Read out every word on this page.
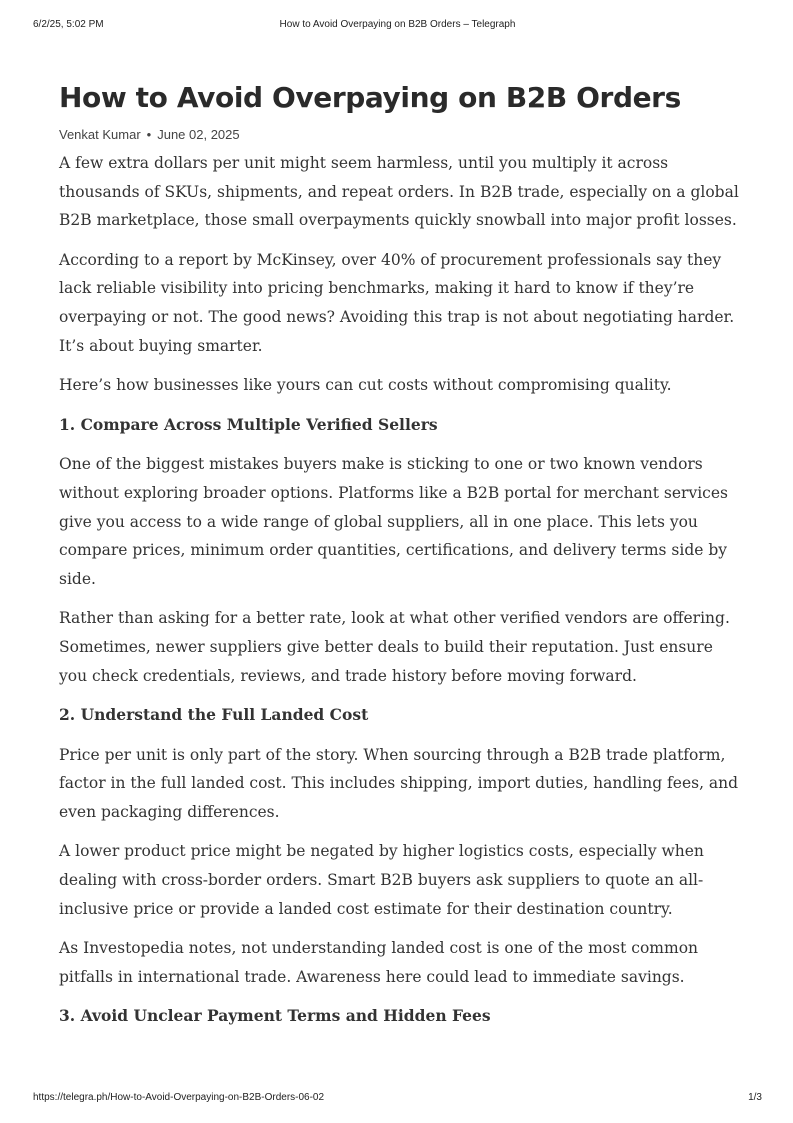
6/2/25, 5:02 PM	How to Avoid Overpaying on B2B Orders – Telegraph
How to Avoid Overpaying on B2B Orders
Venkat Kumar • June 02, 2025

A few extra dollars per unit might seem harmless, until you multiply it across thousands of SKUs, shipments, and repeat orders. In B2B trade, especially on a global B2B marketplace, those small overpayments quickly snowball into major profit losses.

According to a report by McKinsey, over 40% of procurement professionals say they lack reliable visibility into pricing benchmarks, making it hard to know if they’re overpaying or not. The good news? Avoiding this trap is not about negotiating harder. It’s about buying smarter.

Here’s how businesses like yours can cut costs without compromising quality.

1. Compare Across Multiple Verified Sellers

One of the biggest mistakes buyers make is sticking to one or two known vendors without exploring broader options. Platforms like a B2B portal for merchant services give you access to a wide range of global suppliers, all in one place. This lets you compare prices, minimum order quantities, certifications, and delivery terms side by side.

Rather than asking for a better rate, look at what other verified vendors are offering. Sometimes, newer suppliers give better deals to build their reputation. Just ensure you check credentials, reviews, and trade history before moving forward.

2. Understand the Full Landed Cost

Price per unit is only part of the story. When sourcing through a B2B trade platform, factor in the full landed cost. This includes shipping, import duties, handling fees, and even packaging differences.

A lower product price might be negated by higher logistics costs, especially when dealing with cross-border orders. Smart B2B buyers ask suppliers to quote an all-inclusive price or provide a landed cost estimate for their destination country.

As Investopedia notes, not understanding landed cost is one of the most common pitfalls in international trade. Awareness here could lead to immediate savings.

3. Avoid Unclear Payment Terms and Hidden Fees
https://telegra.ph/How-to-Avoid-Overpaying-on-B2B-Orders-06-02	1/3
